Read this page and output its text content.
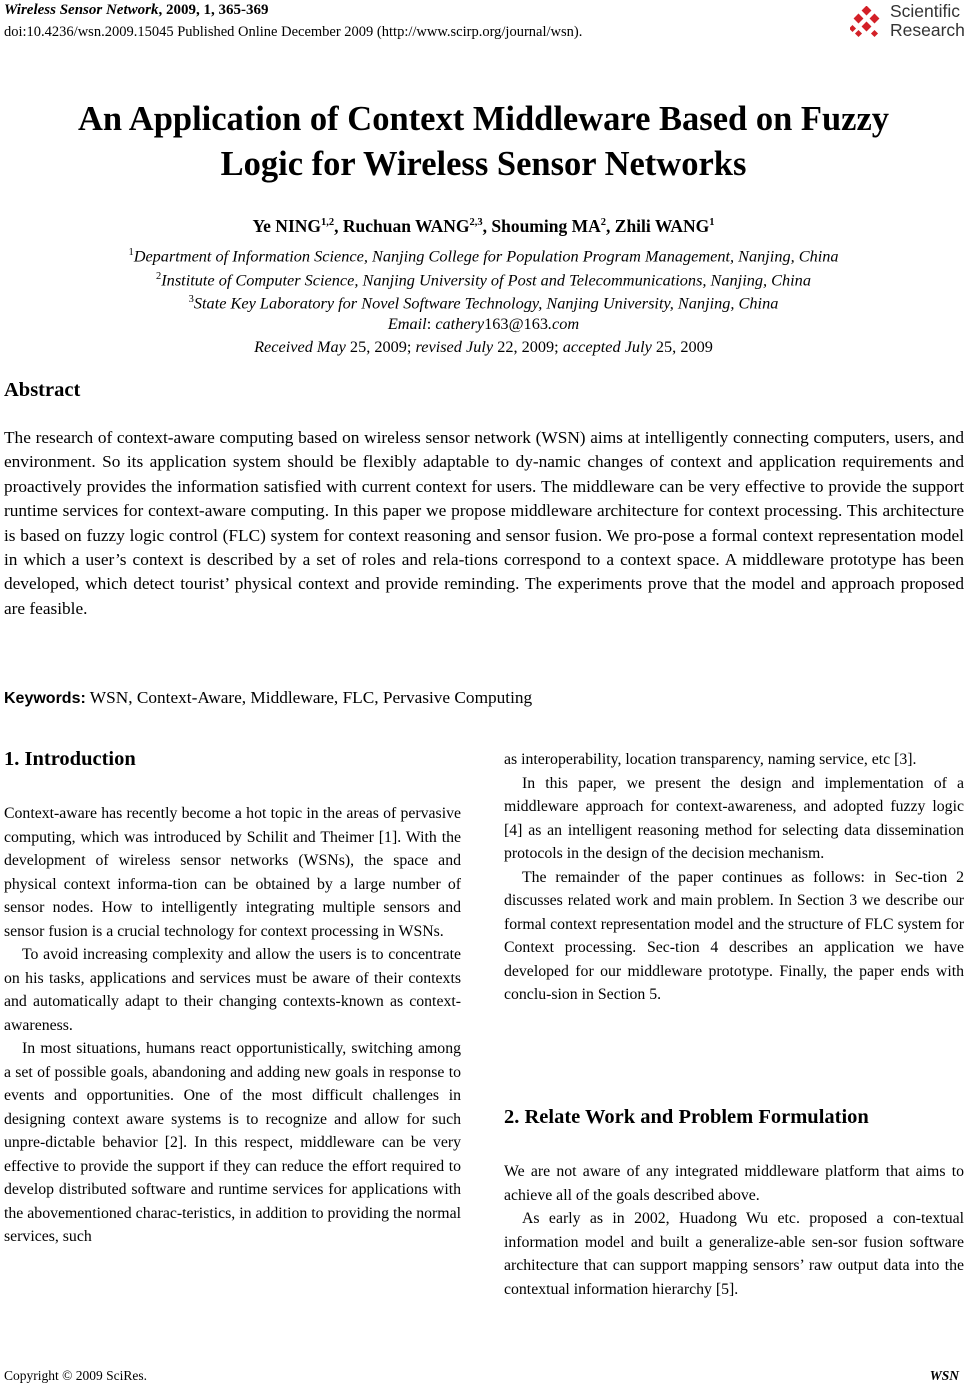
Wireless Sensor Network, 2009, 1, 365-369
doi:10.4236/wsn.2009.15045 Published Online December 2009 (http://www.scirp.org/journal/wsn).
Scientific
Research
An Application of Context Middleware Based on Fuzzy
Logic for Wireless Sensor Networks
Ye NING$^{1,2}$, Ruchuan WANG$^{2,3}$, Shouming $MA^2$, Zhili WANG$^1$
$^1$Department of Information Science, Nanjing College for Population Program Management, Nanjing, China
$^2$Institute of Computer Science, Nanjing University of Post and Telecommunications, Nanjing, China
$^3$State Key Laboratory for Novel Software Technology, Nanjing University, Nanjing, China
Email: cathery163@163.com
Received May 25, 2009; revised July 22, 2009; accepted July 25, 2009
Abstract
The research of context-aware computing based on wireless sensor network (WSN) aims at intelligently connecting computers, users, and environment. So its application system should be flexibly adaptable to dy-namic changes of context and application requirements and proactively provides the information satisfied with current context for users. The middleware can be very effective to provide the support runtime services for context-aware computing. In this paper we propose middleware architecture for context processing. This architecture is based on fuzzy logic control (FLC) system for context reasoning and sensor fusion. We pro-pose a formal context representation model in which a user’s context is described by a set of roles and rela-tions correspond to a context space. A middleware prototype has been developed, which detect tourist’ physical context and provide reminding. The experiments prove that the model and approach proposed are feasible.
Keywords: WSN, Context-Aware, Middleware, FLC, Pervasive Computing
1. Introduction

Context-aware has recently become a hot topic in the areas of pervasive computing, which was introduced by Schilit and Theimer [1]. With the development of wireless sensor networks (WSNs), the space and physical context informa-tion can be obtained by a large number of sensor nodes. How to intelligently integrating multiple sensors and sensor fusion is a crucial technology for context processing in WSNs.

To avoid increasing complexity and allow the users is to concentrate on his tasks, applications and services must be aware of their contexts and automatically adapt to their changing contexts-known as context-awareness.

In most situations, humans react opportunistically, switching among a set of possible goals, abandoning and adding new goals in response to events and opportunities. One of the most difficult challenges in designing context aware systems is to recognize and allow for such unpre-dictable behavior [2]. In this respect, middleware can be very effective to provide the support if they can reduce the effort required to develop distributed software and runtime services for applications with the abovementioned charac-teristics, in addition to providing the normal services, such

as interoperability, location transparency, naming service, etc [3].

In this paper, we present the design and implementation of a middleware approach for context-awareness, and adopted fuzzy logic [4] as an intelligent reasoning method for selecting data dissemination protocols in the design of the decision mechanism.

The remainder of the paper continues as follows: in Sec-tion 2 discusses related work and main problem. In Section 3 we describe our formal context representation model and the structure of FLC system for Context processing. Sec-tion 4 describes an application we have developed for our middleware prototype. Finally, the paper ends with conclu-sion in Section 5.

2. Relate Work and Problem Formulation

We are not aware of any integrated middleware platform that aims to achieve all of the goals described above.

As early as in 2002, Huadong Wu etc. proposed a con-textual information model and built a generalize-able sen-sor fusion software architecture that can support mapping sensors’ raw output data into the contextual information hierarchy [5].

Copyright © 2009 SciRes.	WSN
